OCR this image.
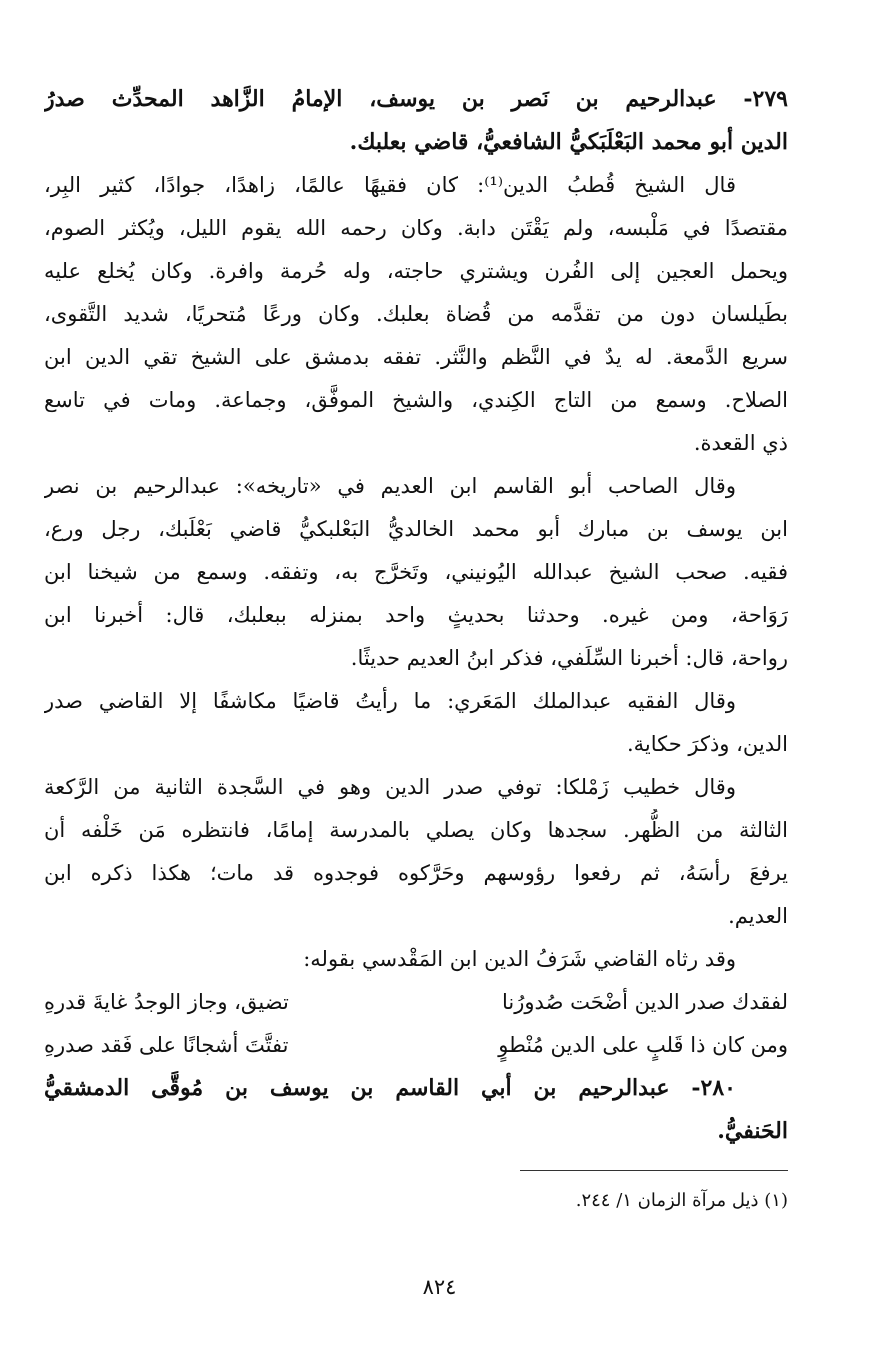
٢٧٩- عبدالرحيم بن نَصر بن يوسف، الإمامُ الزَّاهد المحدِّث صدرُ
الدين أبو محمد البَعْلَبَكيُّ الشافعيُّ، قاضي بعلبك.
قال الشيخ قُطبُ الدين⁽¹⁾: كان فقيهًا عالمًا، زاهدًا، جوادًا، كثير البِر،
مقتصدًا في مَلْبسه، ولم يَقْتَن دابة. وكان رحمه الله يقوم الليل، ويُكثر الصوم،
ويحمل العجين إلى الفُرن ويشتري حاجته، وله حُرمة وافرة. وكان يُخلع عليه
بطَيلسان دون من تقدَّمه من قُضاة بعلبك. وكان ورعًا مُتحريًا، شديد التَّقوى،
سريع الدَّمعة. له يدٌ في النَّظم والنَّثر. تفقه بدمشق على الشيخ تقي الدين ابن
الصلاح. وسمع من التاج الكِندي، والشيخ الموفَّق، وجماعة. ومات في تاسع
ذي القعدة.
وقال الصاحب أبو القاسم ابن العديم في «تاريخه»: عبدالرحيم بن نصر
ابن يوسف بن مبارك أبو محمد الخالديُّ البَعْلبكيُّ قاضي بَعْلَبك، رجل ورع،
فقيه. صحب الشيخ عبدالله اليُونيني، وتَخرَّج به، وتفقه. وسمع من شيخنا ابن
رَوَاحة، ومن غيره. وحدثنا بحديثٍ واحد بمنزله ببعلبك، قال: أخبرنا ابن
رواحة، قال: أخبرنا السِّلَفي، فذكر ابنُ العديم حديثًا.
وقال الفقيه عبدالملك المَعَري: ما رأيتُ قاضيًا مكاشفًا إلا القاضي صدر
الدين، وذكرَ حكاية.
وقال خطيب زَمْلكا: توفي صدر الدين وهو في السَّجدة الثانية من الرَّكعة
الثالثة من الظُّهر. سجدها وكان يصلي بالمدرسة إمامًا، فانتظره مَن خَلْفه أن
يرفعَ رأسَهُ، ثم رفعوا رؤوسهم وحَرَّكوه فوجدوه قد مات؛ هكذا ذكره ابن
العديم.
وقد رثاه القاضي شَرَفُ الدين ابن المَقْدسي بقوله:
لفقدك صدر الدين أضْحَت صُدورُنا
تضيق، وجاز الوجدُ غايةَ قدرهِ
ومن كان ذا قَلبٍ على الدين مُنْطوٍ
تفتَّتَ أشجانًا على فَقد صدرهِ
٢٨٠- عبدالرحيم بن أبي القاسم بن يوسف بن مُوقَّى الدمشقيُّ
الحَنفيُّ.
(١) ذيل مرآة الزمان ١/ ٢٤٤.
٨٢٤
